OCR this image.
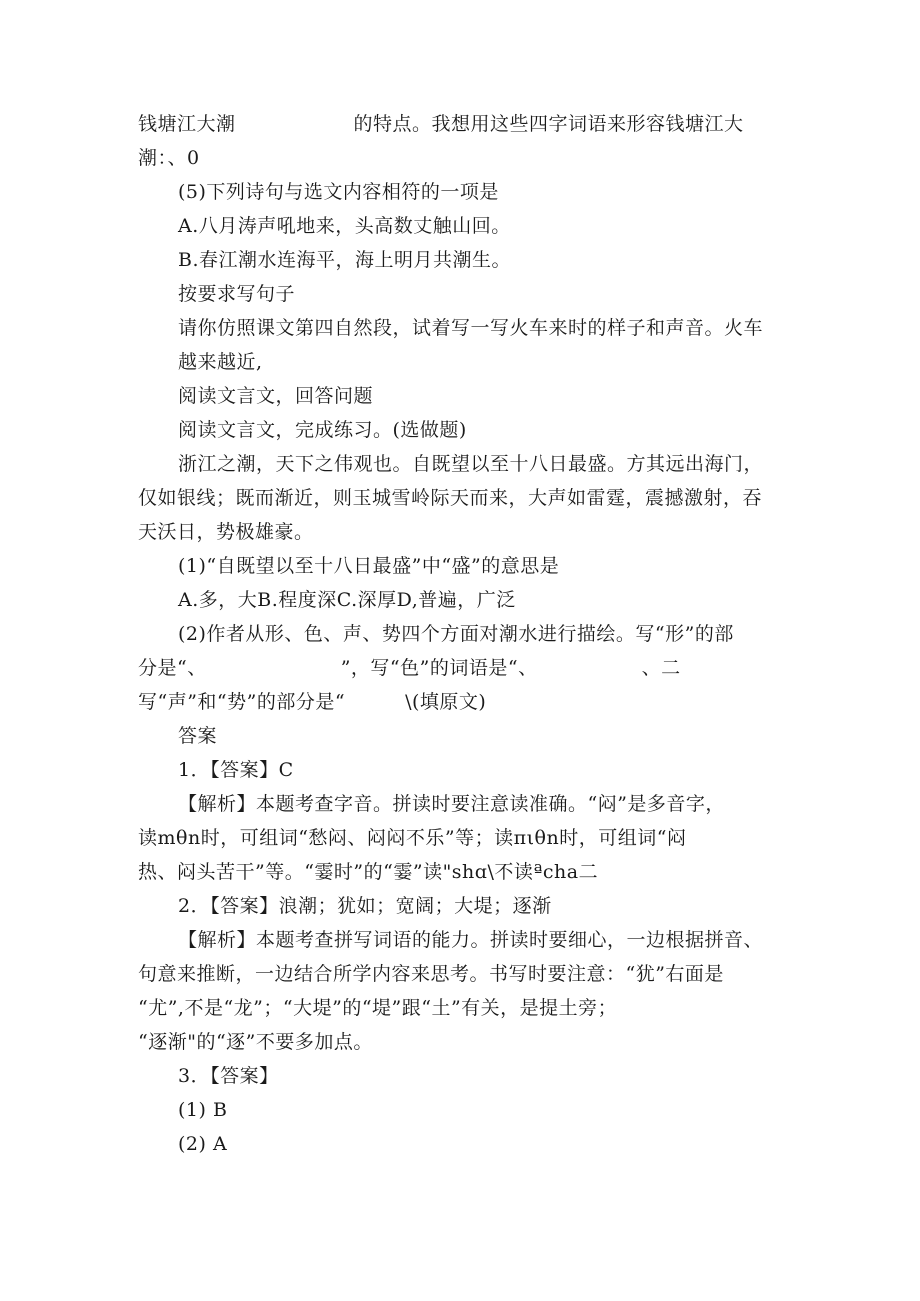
钱塘江大潮	的特点。我想用这些四字词语来形容钱塘江大
潮：、0
(5)下列诗句与选文内容相符的一项是
A.八月涛声吼地来，头高数丈触山回。
B.春江潮水连海平，海上明月共潮生。
按要求写句子
请你仿照课文第四自然段，试着写一写火车来时的样子和声音。火车
越来越近,
阅读文言文，回答问题
阅读文言文，完成练习。(选做题)
浙江之潮，天下之伟观也。自既望以至十八日最盛。方其远出海门，
仅如银线；既而渐近，则玉城雪岭际天而来，大声如雷霆，震撼激射，吞
天沃日，势极雄豪。
(1)“自既望以至十八日最盛”中“盛”的意思是
A.多，大B.程度深C.深厚D,普遍，广泛
(2)作者从形、色、声、势四个方面对潮水进行描绘。写“形”的部
分是“、	”，写“色”的词语是“、	、二
写“声”和“势”的部分是“	\(填原文)
答案
1．【答案】C
【解析】本题考查字音。拼读时要注意读准确。“闷”是多音字，
读mθn时，可组词“愁闷、闷闷不乐”等；读πιθn时，可组词“闷
热、闷头苦干”等。“霎时”的“霎”读"shɑ\不读ªcha二
2．【答案】浪潮；犹如；宽阔；大堤；逐渐
【解析】本题考查拼写词语的能力。拼读时要细心，一边根据拼音、
句意来推断，一边结合所学内容来思考。书写时要注意：“犹”右面是
“尤”,不是“龙”；“大堤”的“堤”跟“土”有关，是提土旁；
“逐渐"的“逐”不要多加点。
3．【答案】
(1) B
(2) A
